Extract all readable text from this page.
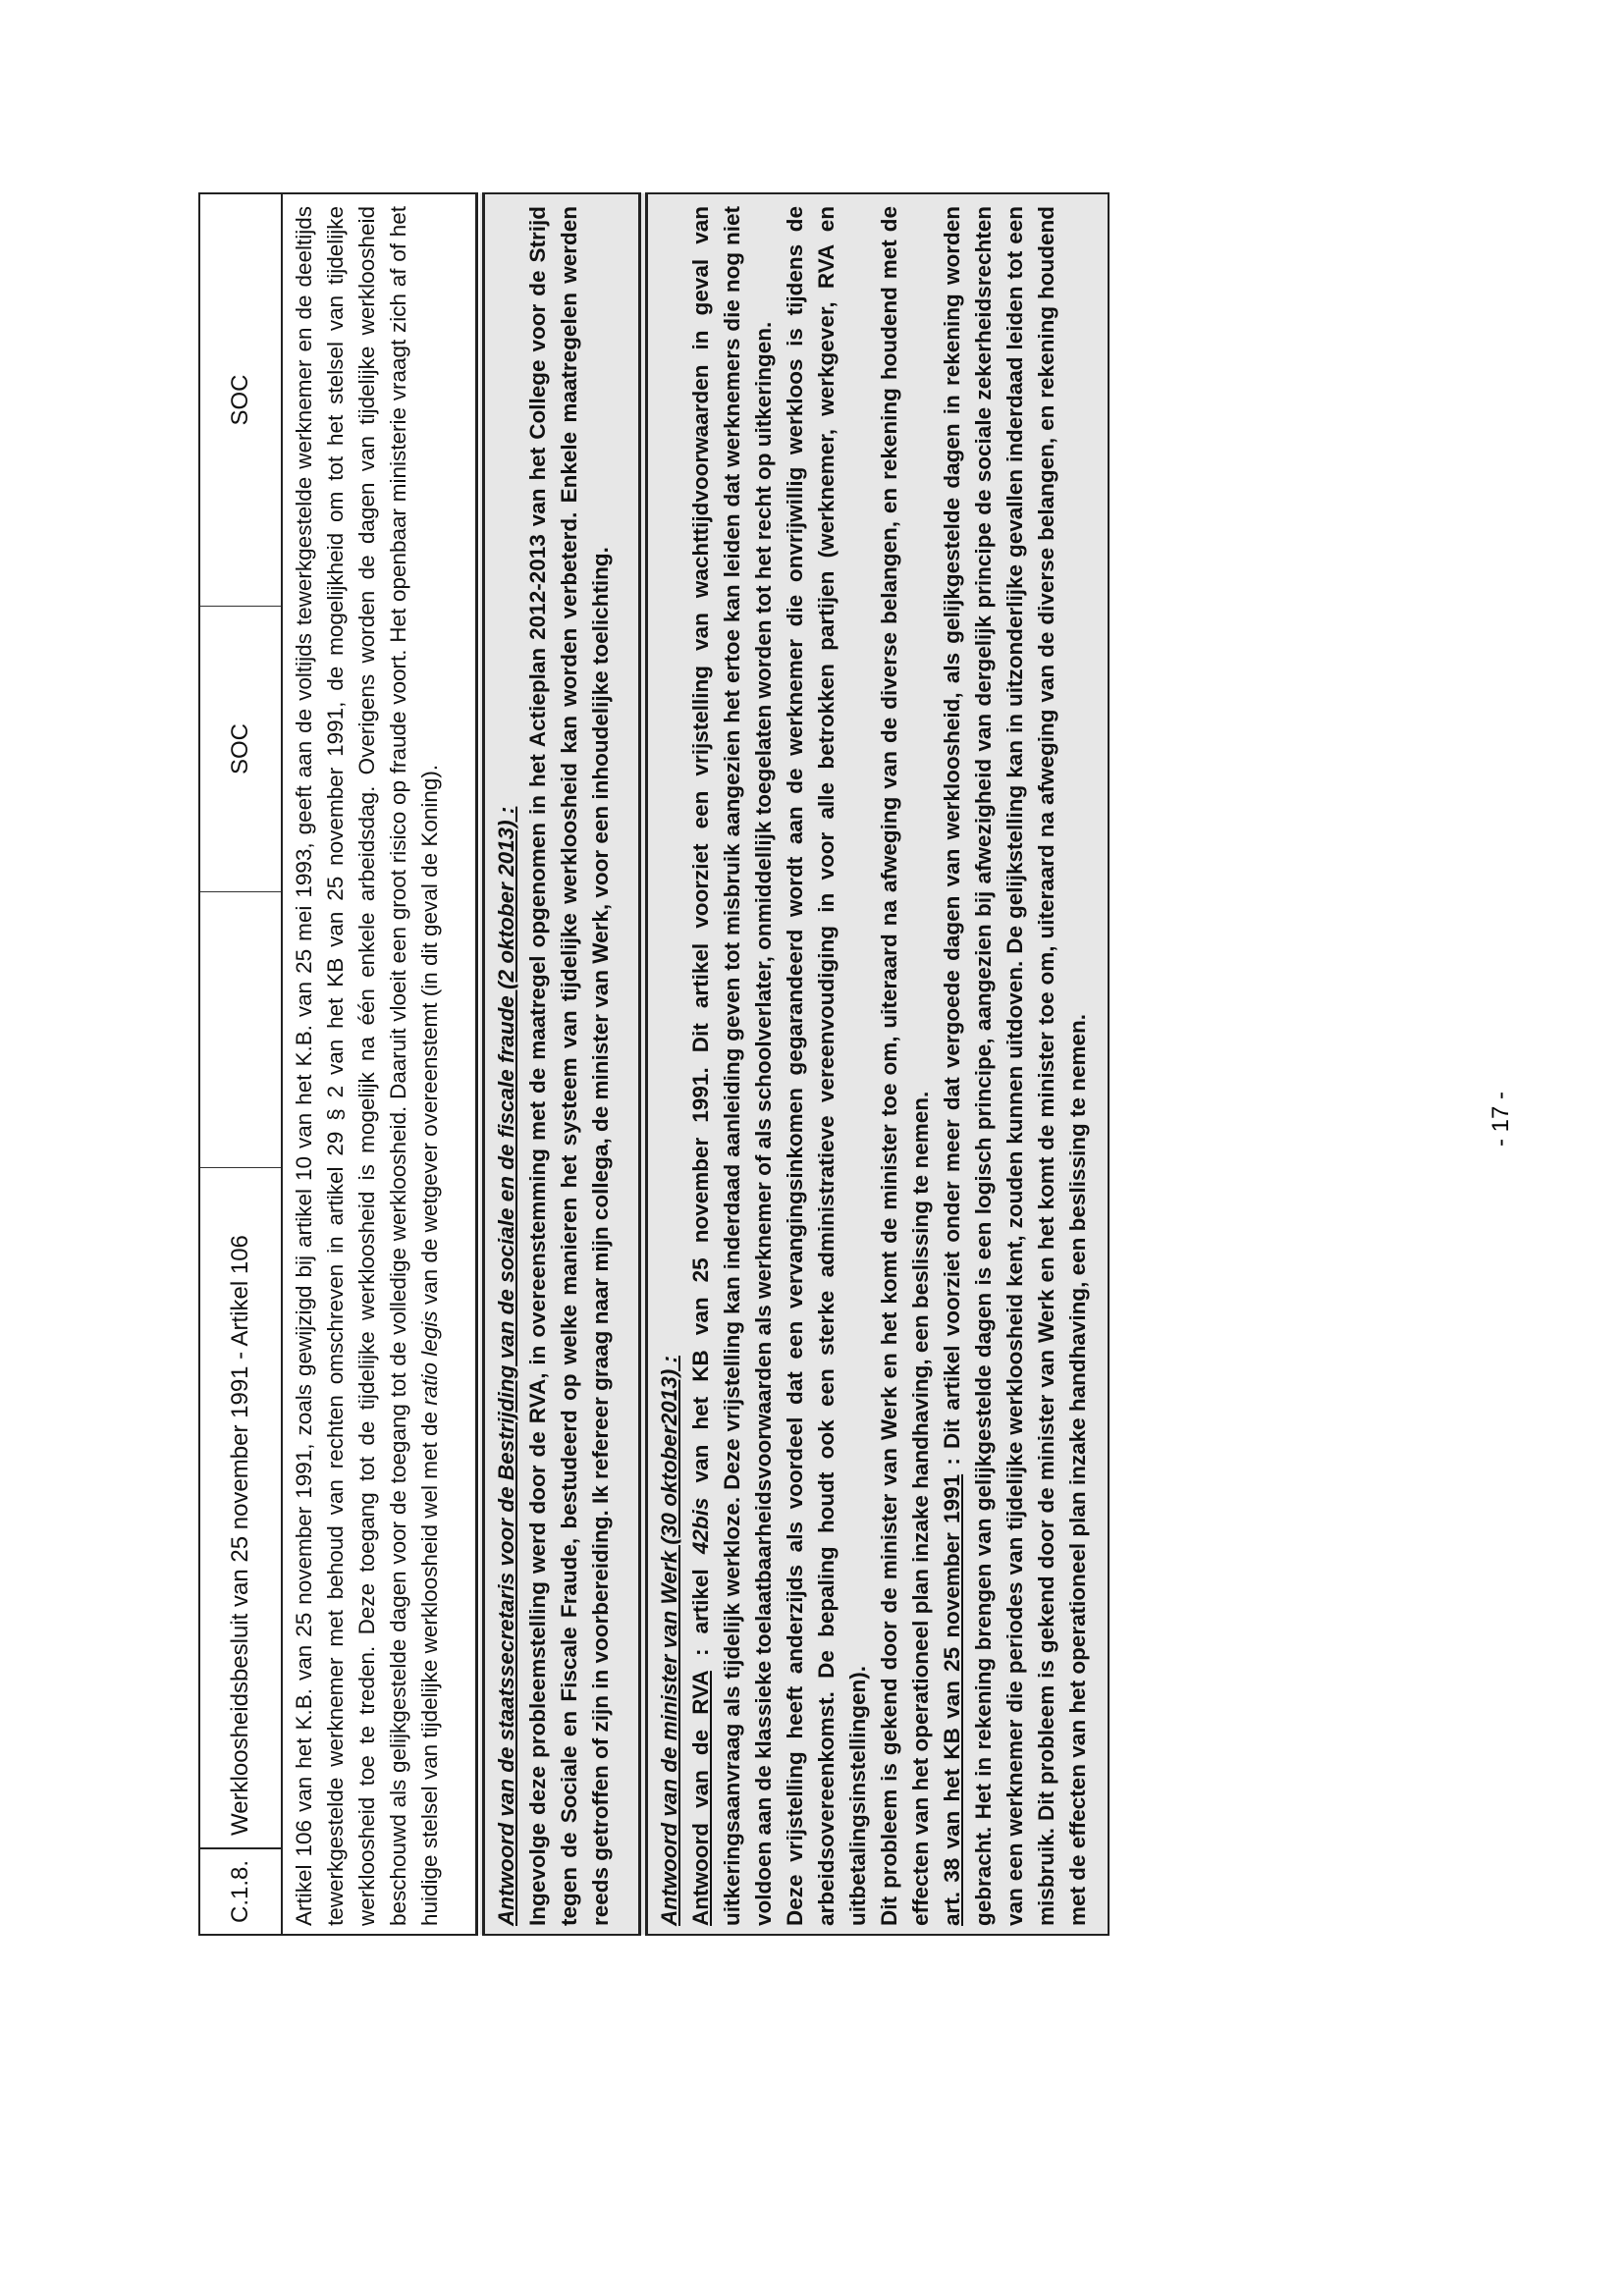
C.1.8.	Werkloosheidsbesluit van 25 november 1991 - Artikel 106		SOC	SOC

Artikel 106 van het K.B. van 25 november 1991, zoals gewijzigd bij artikel 10 van het K.B. van 25 mei 1993, geeft aan de voltijds tewerkgestelde werknemer en de deeltijds tewerkgestelde werknemer met behoud van rechten omschreven in artikel 29 § 2 van het KB van 25 november 1991, de mogelijkheid om tot het stelsel van tijdelijke werkloosheid toe te treden. Deze toegang tot de tijdelijke werkloosheid is mogelijk na één enkele arbeidsdag. Overigens worden de dagen van tijdelijke werkloosheid beschouwd als gelijkgestelde dagen voor de toegang tot de volledige werkloosheid. Daaruit vloeit een groot risico op fraude voort. Het openbaar ministerie vraagt zich af of het huidige stelsel van tijdelijke werkloosheid wel met de ratio legis van de wetgever overeenstemt (in dit geval de Koning).

Antwoord van de staatssecretaris voor de Bestrijding van de sociale en de fiscale fraude (2 oktober 2013) : Ingevolge deze probleemstelling werd door de RVA, in overeenstemming met de maatregel opgenomen in het Actieplan 2012-2013 van het College voor de Strijd tegen de Sociale en Fiscale Fraude, bestudeerd op welke manieren het systeem van tijdelijke werkloosheid kan worden verbeterd. Enkele maatregelen werden reeds getroffen of zijn in voorbereiding. Ik refereer graag naar mijn collega, de minister van Werk, voor een inhoudelijke toelichting.

Antwoord van de minister van Werk (30 oktober2013) : Antwoord van de RVA : artikel 42bis van het KB van 25 november 1991. Dit artikel voorziet een vrijstelling van wachttijdvoorwaarden in geval van uitkeringsaanvraag als tijdelijk werkloze. Deze vrijstelling kan inderdaad aanleiding geven tot misbruik aangezien het ertoe kan leiden dat werknemers die nog niet voldoen aan de klassieke toelaatbaarheidsvoorwaarden als werknemer of als schoolverlater, onmiddellijk toegelaten worden tot het recht op uitkeringen. Deze vrijstelling heeft anderzijds als voordeel dat een vervangingsinkomen gegarandeerd wordt aan de werknemer die onvrijwillig werkloos is tijdens de arbeidsovereenkomst. De bepaling houdt ook een sterke administratieve vereenvoudiging in voor alle betrokken partijen (werknemer, werkgever, RVA en uitbetalingsinstellingen). Dit probleem is gekend door de minister van Werk en het komt de minister toe om, uiteraard na afweging van de diverse belangen, en rekening houdend met de effecten van het operationeel plan inzake handhaving, een beslissing te nemen. art. 38 van het KB van 25 november 1991 : Dit artikel voorziet onder meer dat vergoede dagen van werkloosheid, als gelijkgestelde dagen in rekening worden gebracht. Het in rekening brengen van gelijkgestelde dagen is een logisch principe, aangezien bij afwezigheid van dergelijk principe de sociale zekerheidsrechten van een werknemer die periodes van tijdelijke werkloosheid kent, zouden kunnen uitdoven. De gelijkstelling kan in uitzonderlijke gevallen inderdaad leiden tot een misbruik. Dit probleem is gekend door de minister van Werk en het komt de minister toe om, uiteraard na afweging van de diverse belangen, en rekening houdend met de effecten van het operationeel plan inzake handhaving, een beslissing te nemen.	- 17 -
